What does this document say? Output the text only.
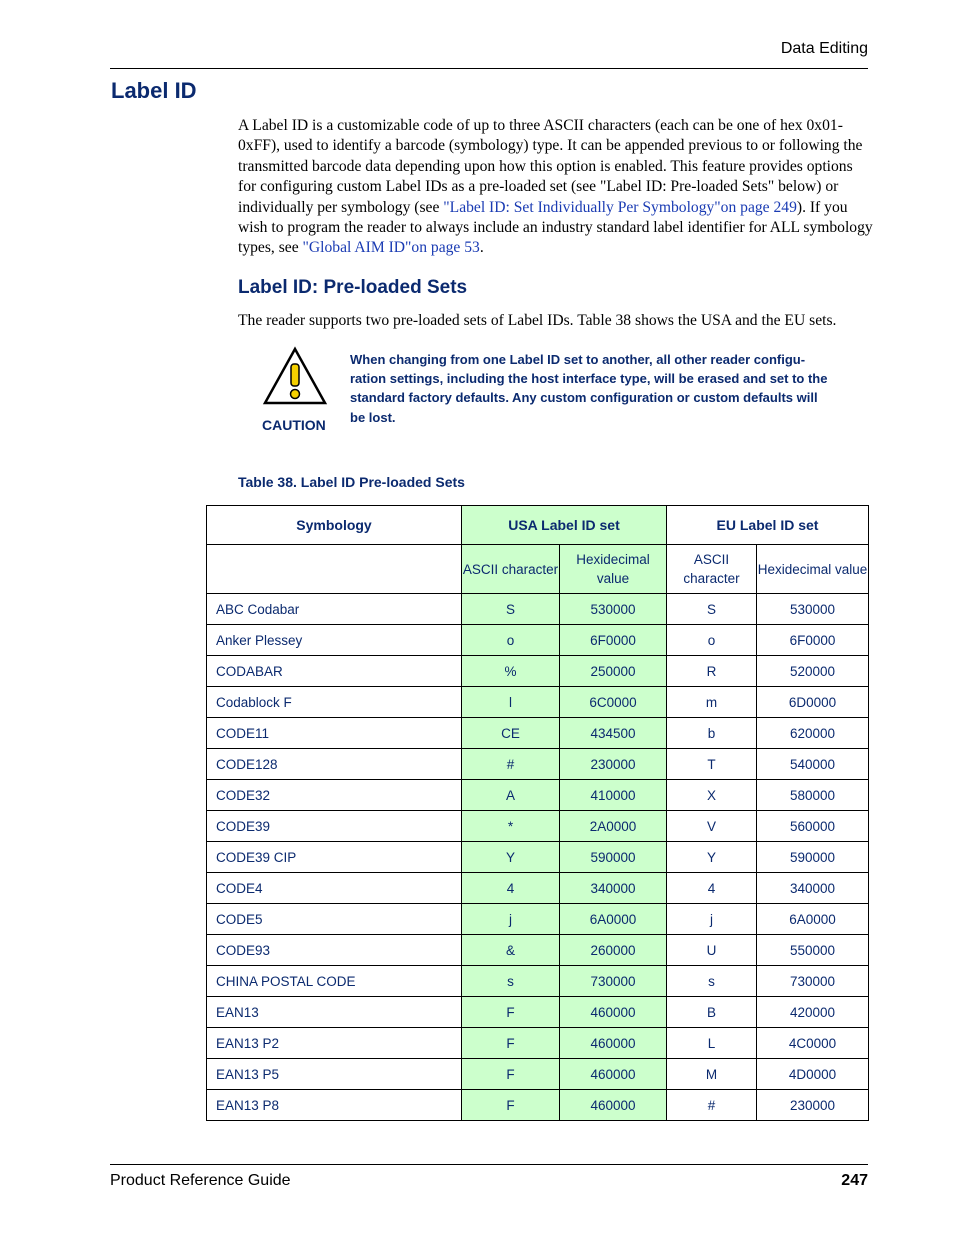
Data Editing
Label ID
A Label ID is a customizable code of up to three ASCII characters (each can be one of hex 0x01-0xFF), used to identify a barcode (symbology) type. It can be appended previous to or following the transmitted barcode data depending upon how this option is enabled. This feature provides options for configuring custom Label IDs as a pre-loaded set (see "Label ID: Pre-loaded Sets" below) or individually per symbology (see "Label ID: Set Individually Per Symbology"on page 249). If you wish to program the reader to always include an industry standard label identifier for ALL symbology types, see "Global AIM ID"on page 53.
Label ID: Pre-loaded Sets
The reader supports two pre-loaded sets of Label IDs. Table 38 shows the USA and the EU sets.
CAUTION
When changing from one Label ID set to another, all other reader configu-ration settings, including the host interface type, will be erased and set to the standard factory defaults. Any custom configuration or custom defaults will be lost.
Table 38. Label ID Pre-loaded Sets
Symbology	USA Label ID set		EU Label ID set	
	ASCII character	Hexidecimal value	ASCII character	Hexidecimal value
ABC Codabar	S	530000	S	530000
Anker Plessey	o	6F0000	o	6F0000
CODABAR	%	250000	R	520000
Codablock F	l	6C0000	m	6D0000
CODE11	CE	434500	b	620000
CODE128	#	230000	T	540000
CODE32	A	410000	X	580000
CODE39	*	2A0000	V	560000
CODE39 CIP	Y	590000	Y	590000
CODE4	4	340000	4	340000
CODE5	j	6A0000	j	6A0000
CODE93	&	260000	U	550000
CHINA POSTAL CODE	s	730000	s	730000
EAN13	F	460000	B	420000
EAN13 P2	F	460000	L	4C0000
EAN13 P5	F	460000	M	4D0000
EAN13 P8	F	460000	#	230000
Product Reference Guide	247
